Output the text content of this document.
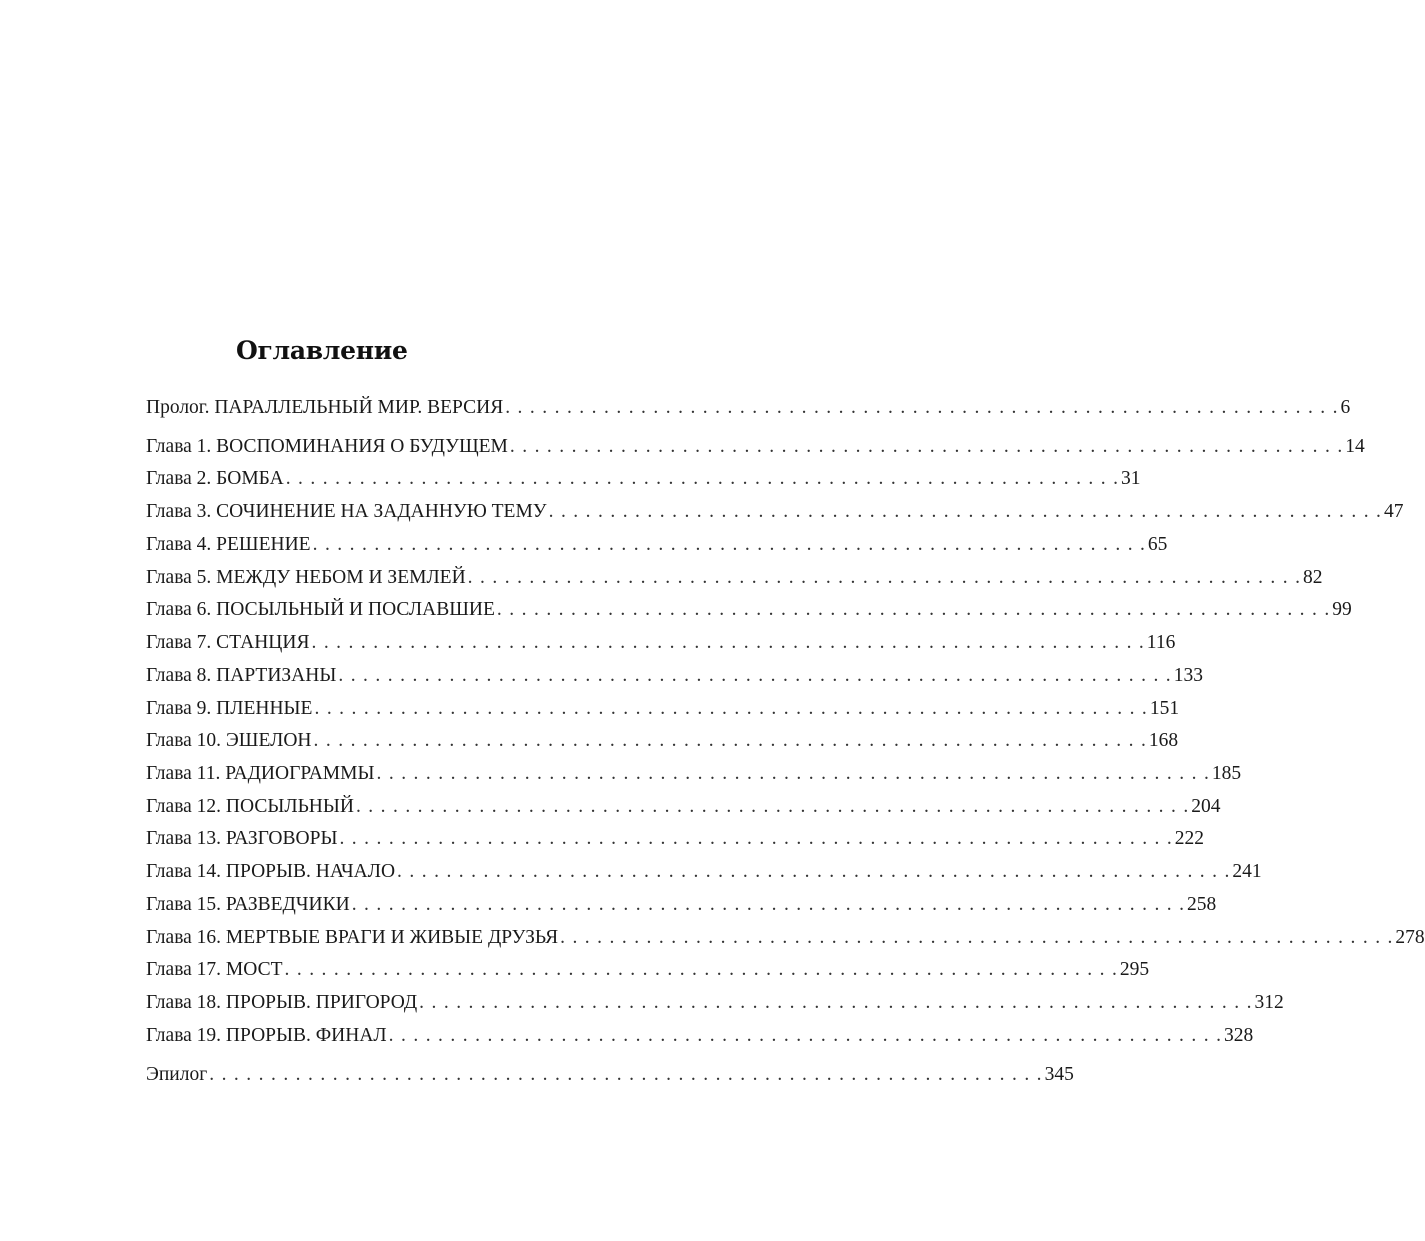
Оглавление
Пролог. ПАРАЛЛЕЛЬНЫЙ МИР. ВЕРСИЯ . . .	6
Глава 1. ВОСПОМИНАНИЯ О БУДУЩЕМ . . .	14
Глава 2. БОМБА . . .	31
Глава 3. СОЧИНЕНИЕ НА ЗАДАННУЮ ТЕМУ . . .	47
Глава 4. РЕШЕНИЕ . . .	65
Глава 5. МЕЖДУ НЕБОМ И ЗЕМЛЕЙ . . .	82
Глава 6. ПОСЫЛЬНЫЙ И ПОСЛАВШИЕ . . .	99
Глава 7. СТАНЦИЯ . . .	116
Глава 8. ПАРТИЗАНЫ . . .	133
Глава 9. ПЛЕННЫЕ . . .	151
Глава 10. ЭШЕЛОН . . .	168
Глава 11. РАДИОГРАММЫ . . .	185
Глава 12. ПОСЫЛЬНЫЙ . . .	204
Глава 13. РАЗГОВОРЫ . . .	222
Глава 14. ПРОРЫВ. НАЧАЛО . . .	241
Глава 15. РАЗВЕДЧИКИ . . .	258
Глава 16. МЕРТВЫЕ ВРАГИ И ЖИВЫЕ ДРУЗЬЯ . . .	278
Глава 17. МОСТ . . .	295
Глава 18. ПРОРЫВ. ПРИГОРОД . . .	312
Глава 19. ПРОРЫВ. ФИНАЛ . . .	328
Эпилог . . .	345
